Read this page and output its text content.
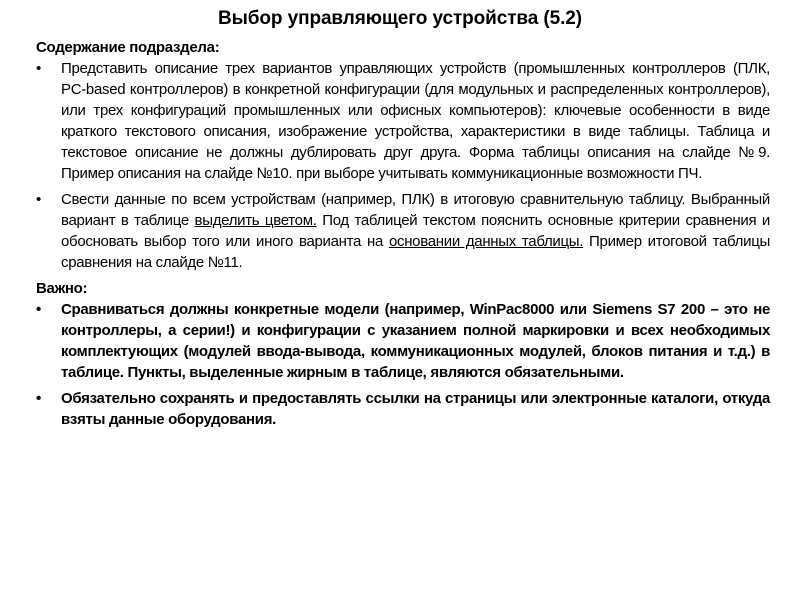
Выбор управляющего устройства (5.2)
Содержание подраздела:
• Представить описание трех вариантов управляющих устройств (промышленных контроллеров (ПЛК, PC-based контроллеров) в конкретной конфигурации (для модульных и распределенных контроллеров), или трех конфигураций промышленных или офисных компьютеров): ключевые особенности в виде краткого текстового описания, изображение устройства, характеристики в виде таблицы. Таблица и текстовое описание не должны дублировать друг друга. Форма таблицы описания на слайде №9. Пример описания на слайде №10. при выборе учитывать коммуникационные возможности ПЧ.
• Свести данные по всем устройствам (например, ПЛК) в итоговую сравнительную таблицу. Выбранный вариант в таблице выделить цветом. Под таблицей текстом пояснить основные критерии сравнения и обосновать выбор того или иного варианта на основании данных таблицы. Пример итоговой таблицы сравнения на слайде №11.
Важно:
• Сравниваться должны конкретные модели (например, WinPac8000 или Siemens S7 200 – это не контроллеры, а серии!) и конфигурации с указанием полной маркировки и всех необходимых комплектующих (модулей ввода-вывода, коммуникационных модулей, блоков питания и т.д.) в таблице. Пункты, выделенные жирным в таблице, являются обязательными.
• Обязательно сохранять и предоставлять ссылки на страницы или электронные каталоги, откуда взяты данные оборудования.
